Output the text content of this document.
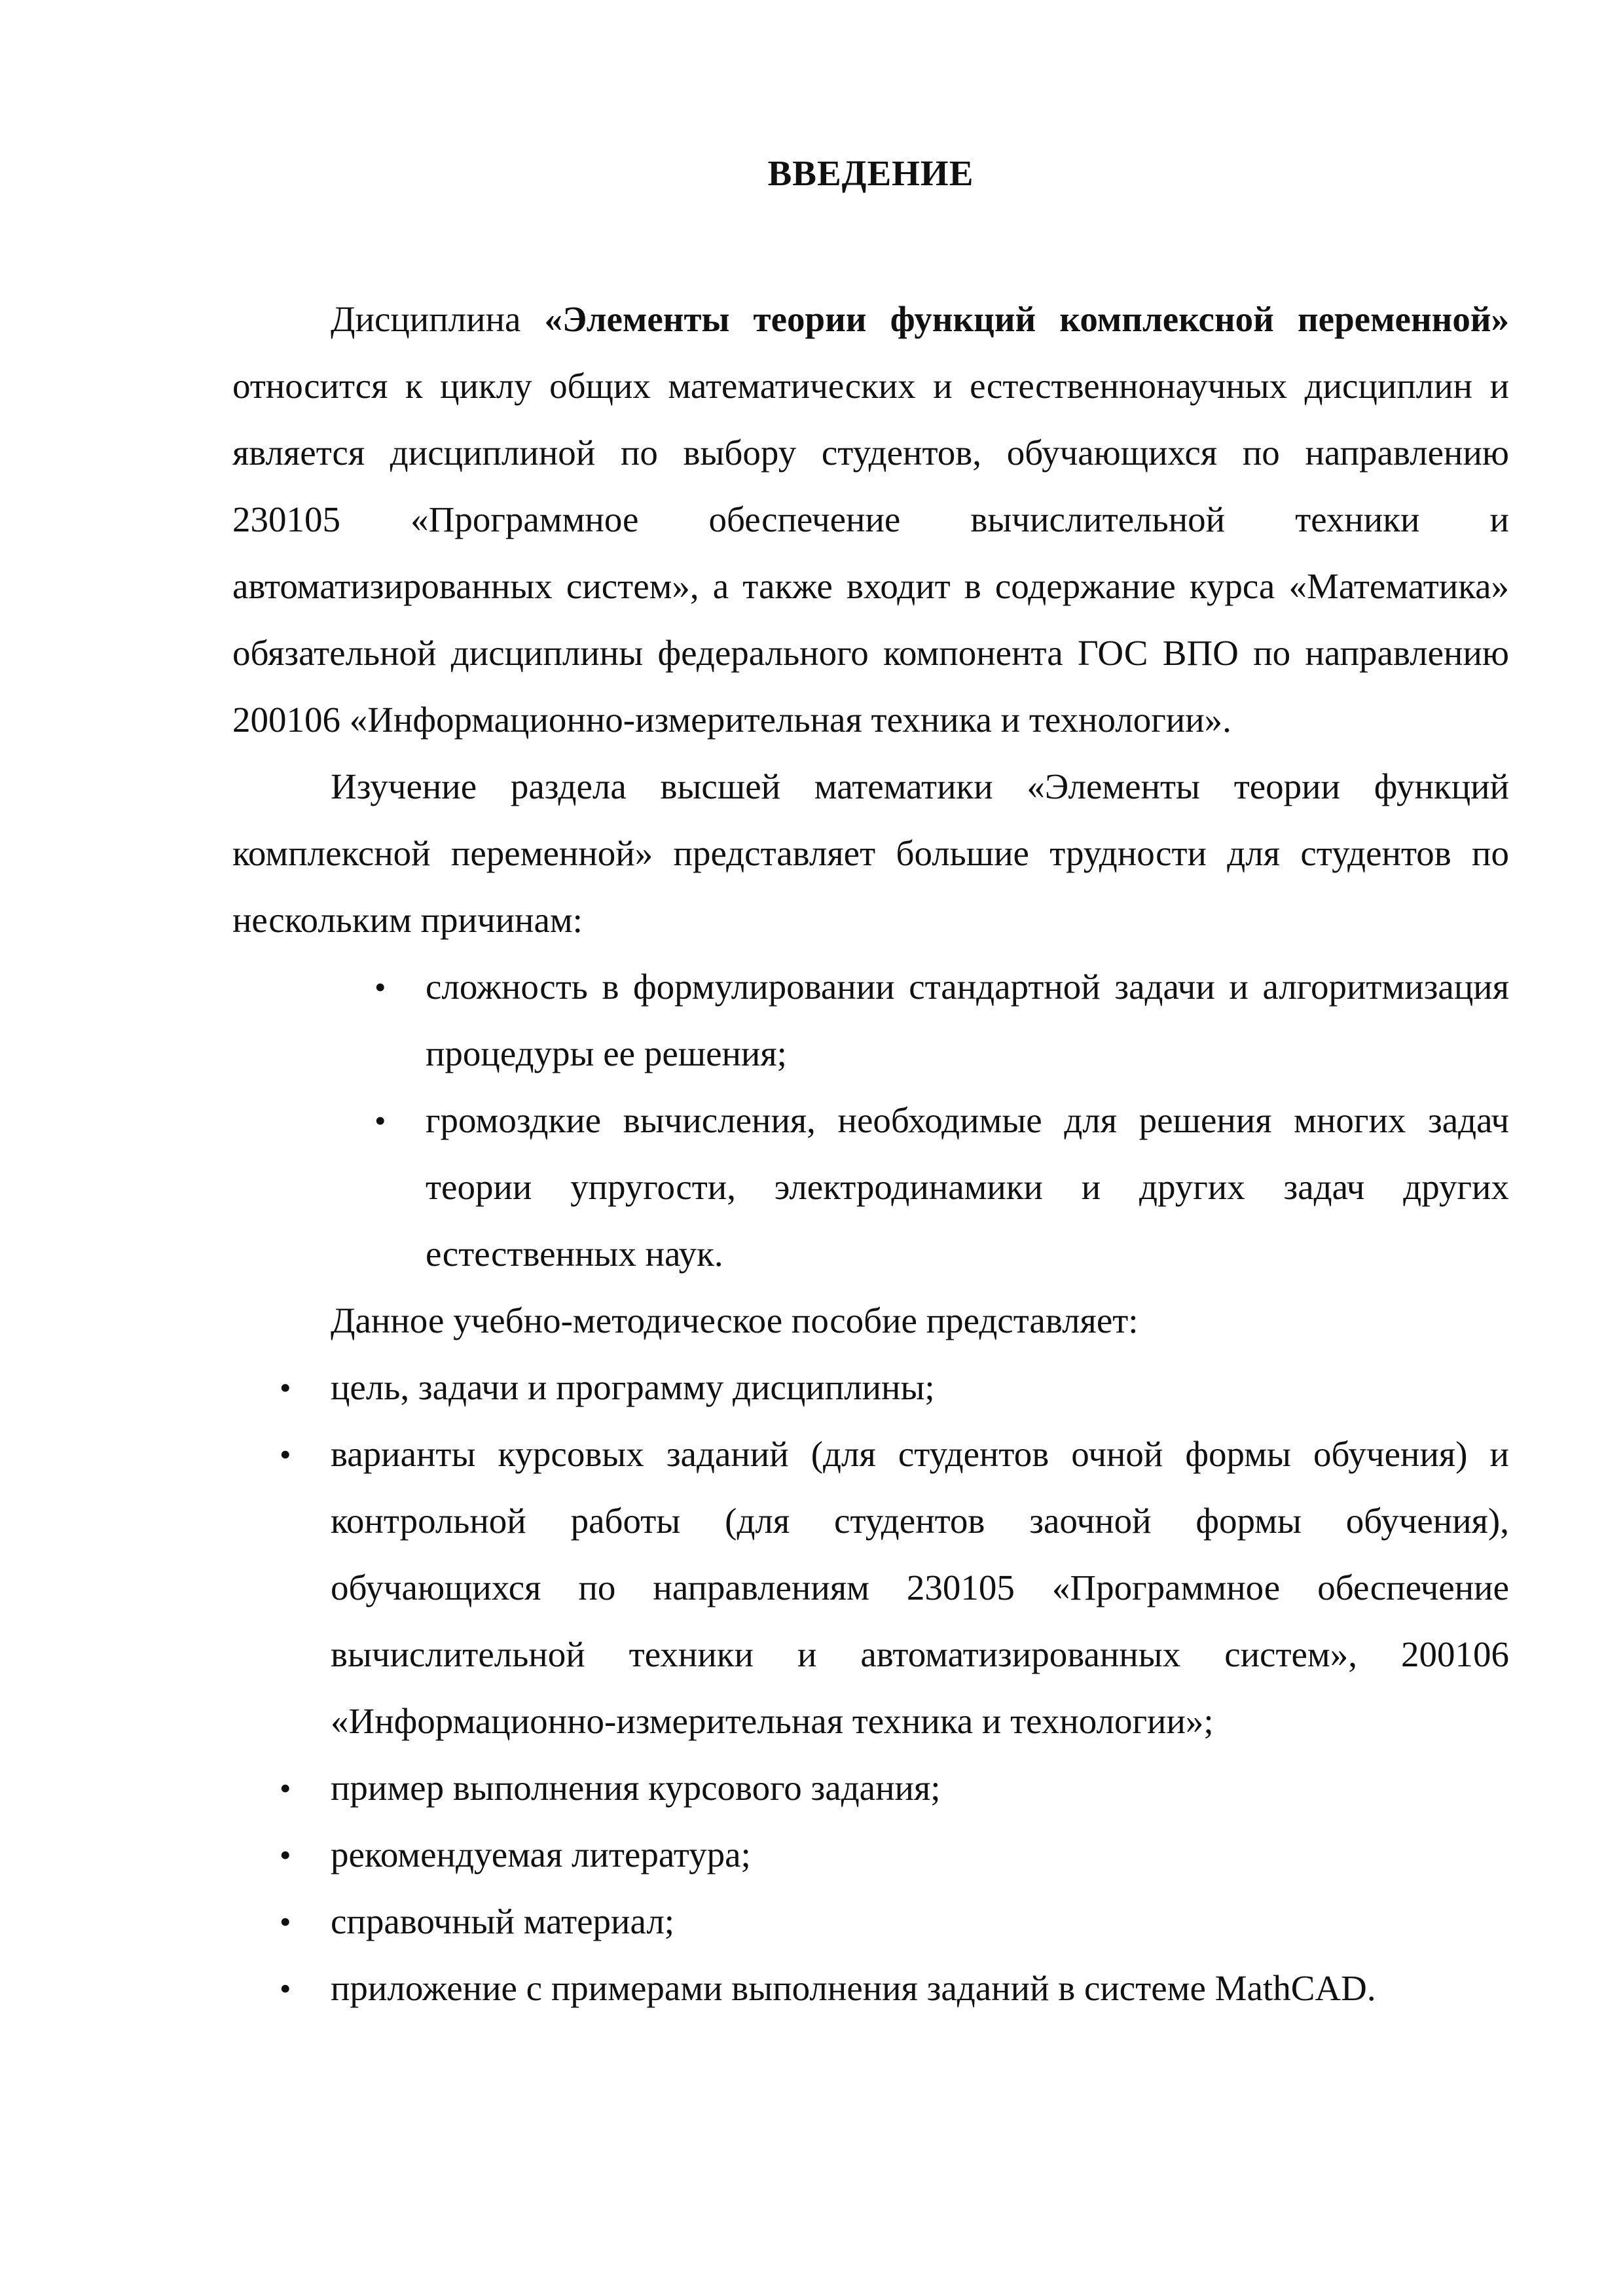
ВВЕДЕНИЕ

Дисциплина «Элементы теории функций комплексной переменной» относится к циклу общих математических и естественнонаучных дисциплин и является дисциплиной по выбору студентов, обучающихся по направлению 230105 «Программное обеспечение вычислительной техники и автоматизированных систем», а также входит в содержание курса «Математика» обязательной дисциплины федерального компонента ГОС ВПО по направлению 200106 «Информационно-измерительная техника и технологии».

Изучение раздела высшей математики «Элементы теории функций комплексной переменной» представляет большие трудности для студентов по нескольким причинам:

• сложность в формулировании стандартной задачи и алгоритмизация процедуры ее решения;
• громоздкие вычисления, необходимые для решения многих задач теории упругости, электродинамики и других задач других естественных наук.

Данное учебно-методическое пособие представляет:

• цель, задачи и программу дисциплины;
• варианты курсовых заданий (для студентов очной формы обучения) и контрольной работы (для студентов заочной формы обучения), обучающихся по направлениям 230105 «Программное обеспечение вычислительной техники и автоматизированных систем», 200106 «Информационно-измерительная техника и технологии»;
• пример выполнения курсового задания;
• рекомендуемая литература;
• справочный материал;
• приложение с примерами выполнения заданий в системе MathCAD.
